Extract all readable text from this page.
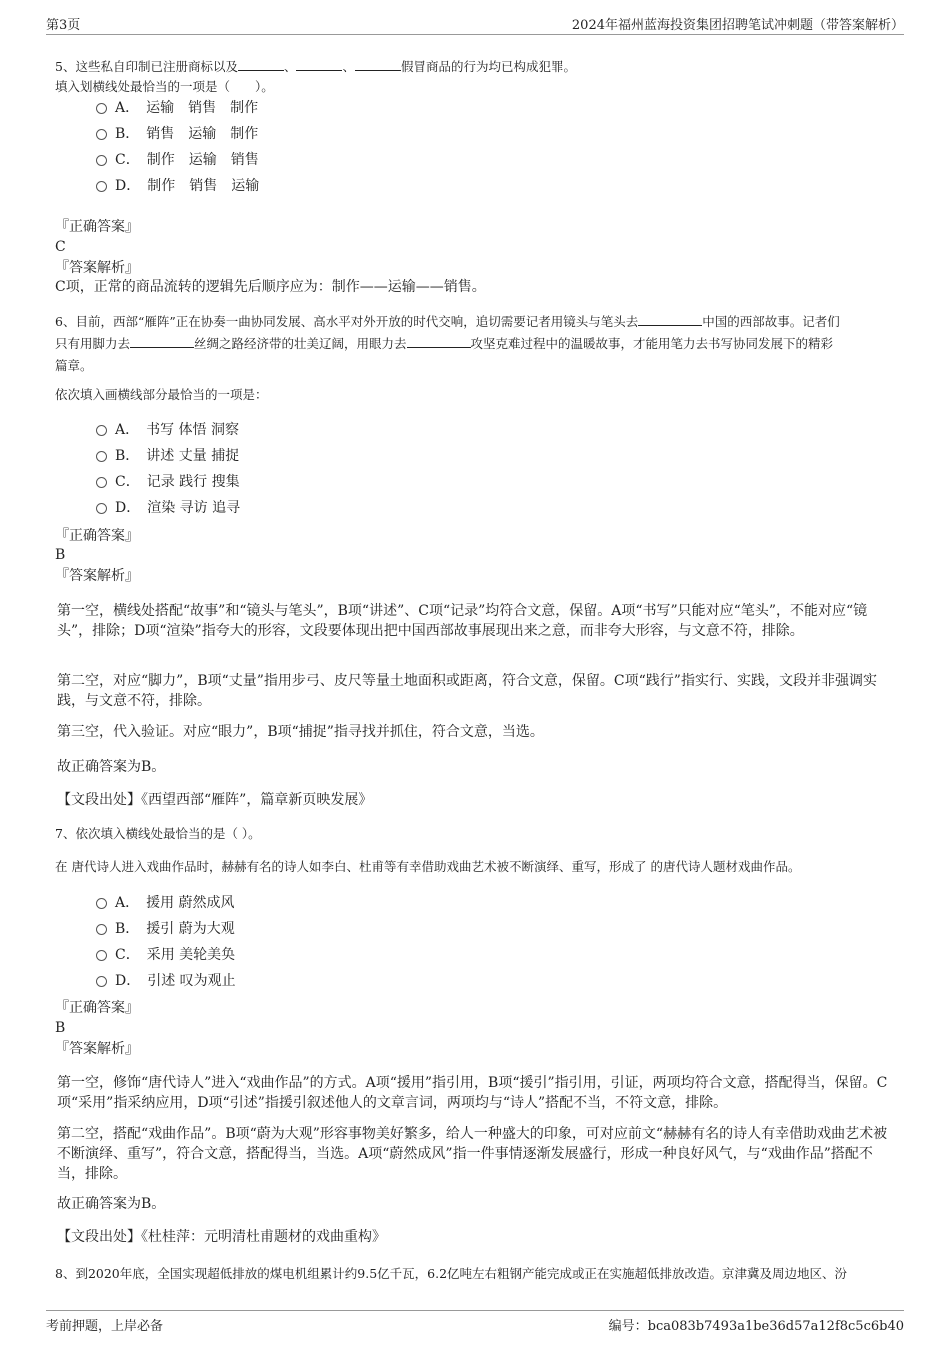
第3页	2024年福州蓝海投资集团招聘笔试冲刺题（带答案解析）
5、这些私自印制已注册商标以及	、	、	假冒商品的行为均已构成犯罪。
填入划横线处最恰当的一项是（　　）。
A．　运输　销售　制作
B．　销售　运输　制作
C．　制作　运输　销售
D．　制作　销售　运输
『正确答案』
C
『答案解析』
C项，正常的商品流转的逻辑先后顺序应为：制作——运输——销售。
6、目前，西部“雁阵”正在协奏一曲协同发展、高水平对外开放的时代交响，追切需要记者用镜头与笔头去	中国的西部故事。记者们
只有用脚力去	丝绸之路经济带的壮美辽阔，用眼力去	攻坚克难过程中的温暖故事，才能用笔力去书写协同发展下的精彩
篇章。
依次填入画横线部分最恰当的一项是：
A．　书写 体悟 洞察
B．　讲述 丈量 捕捉
C．　记录 践行 搜集
D．　渲染 寻访 追寻
『正确答案』
B
『答案解析』
第一空，横线处搭配“故事”和“镜头与笔头”，B项“讲述”、C项“记录”均符合文意，保留。A项“书写”只能对应“笔头”，不能对应“镜头”，排除；D项“渲染”指夸大的形容，文段要体现出把中国西部故事展现出来之意，而非夸大形容，与文意不符，排除。
第二空，对应“脚力”，B项“丈量”指用步弓、皮尺等量土地面积或距离，符合文意，保留。C项“践行”指实行、实践，文段并非强调实践，与文意不符，排除。
第三空，代入验证。对应“眼力”，B项“捕捉”指寻找并抓住，符合文意，当选。
故正确答案为B。
【文段出处】《西望西部“雁阵”，篇章新页映发展》
7、依次填入横线处最恰当的是（ ）。
在 唐代诗人进入戏曲作品时，赫赫有名的诗人如李白、杜甫等有幸借助戏曲艺术被不断演绎、重写，形成了 的唐代诗人题材戏曲作品。
A．　援用 蔚然成风
B．　援引 蔚为大观
C．　采用 美轮美奂
D．　引述 叹为观止
『正确答案』
B
『答案解析』
第一空，修饰“唐代诗人”进入“戏曲作品”的方式。A项“援用”指引用，B项“援引”指引用，引证，两项均符合文意，搭配得当，保留。C项“采用”指采纳应用，D项“引述”指援引叙述他人的文章言词，两项均与“诗人”搭配不当，不符文意，排除。
第二空，搭配“戏曲作品”。B项“蔚为大观”形容事物美好繁多，给人一种盛大的印象，可对应前文“赫赫有名的诗人有幸借助戏曲艺术被不断演绎、重写”，符合文意，搭配得当，当选。A项“蔚然成风”指一件事情逐渐发展盛行，形成一种良好风气，与“戏曲作品”搭配不当，排除。
故正确答案为B。
【文段出处】《杜桂萍：元明清杜甫题材的戏曲重构》
8、到2020年底，全国实现超低排放的煤电机组累计约9.5亿千瓦，6.2亿吨左右粗钢产能完成或正在实施超低排放改造。京津冀及周边地区、汾
考前押题，上岸必备	编号：bca083b7493a1be36d57a12f8c5c6b40
